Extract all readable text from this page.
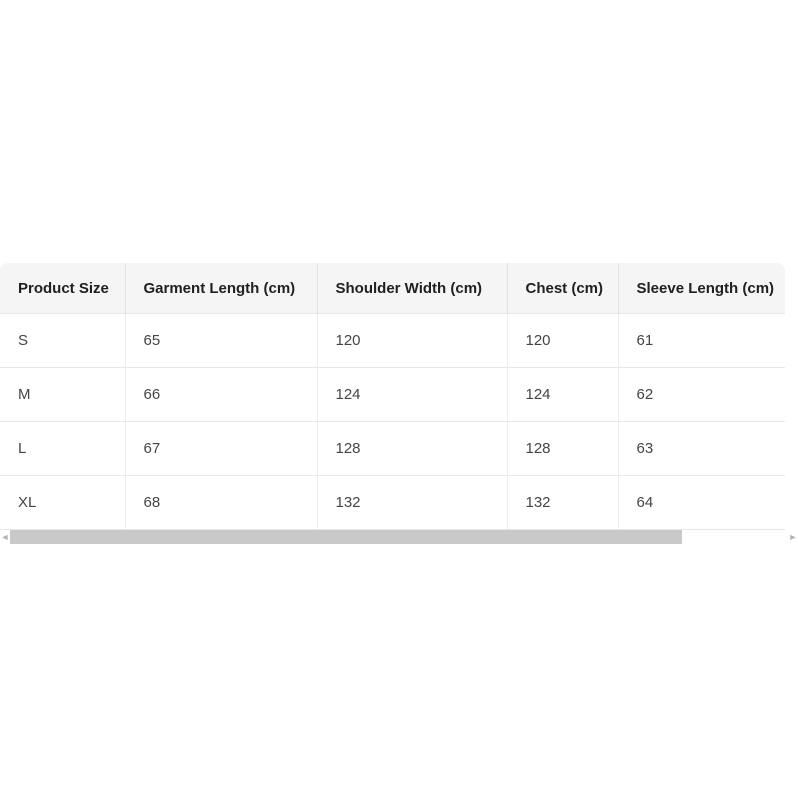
Product Size	Garment Length (cm)	Shoulder Width (cm)	Chest (cm)	Sleeve Length (cm)
S	65	120	120	61
M	66	124	124	62
L	67	128	128	63
XL	68	132	132	64
◄	►
